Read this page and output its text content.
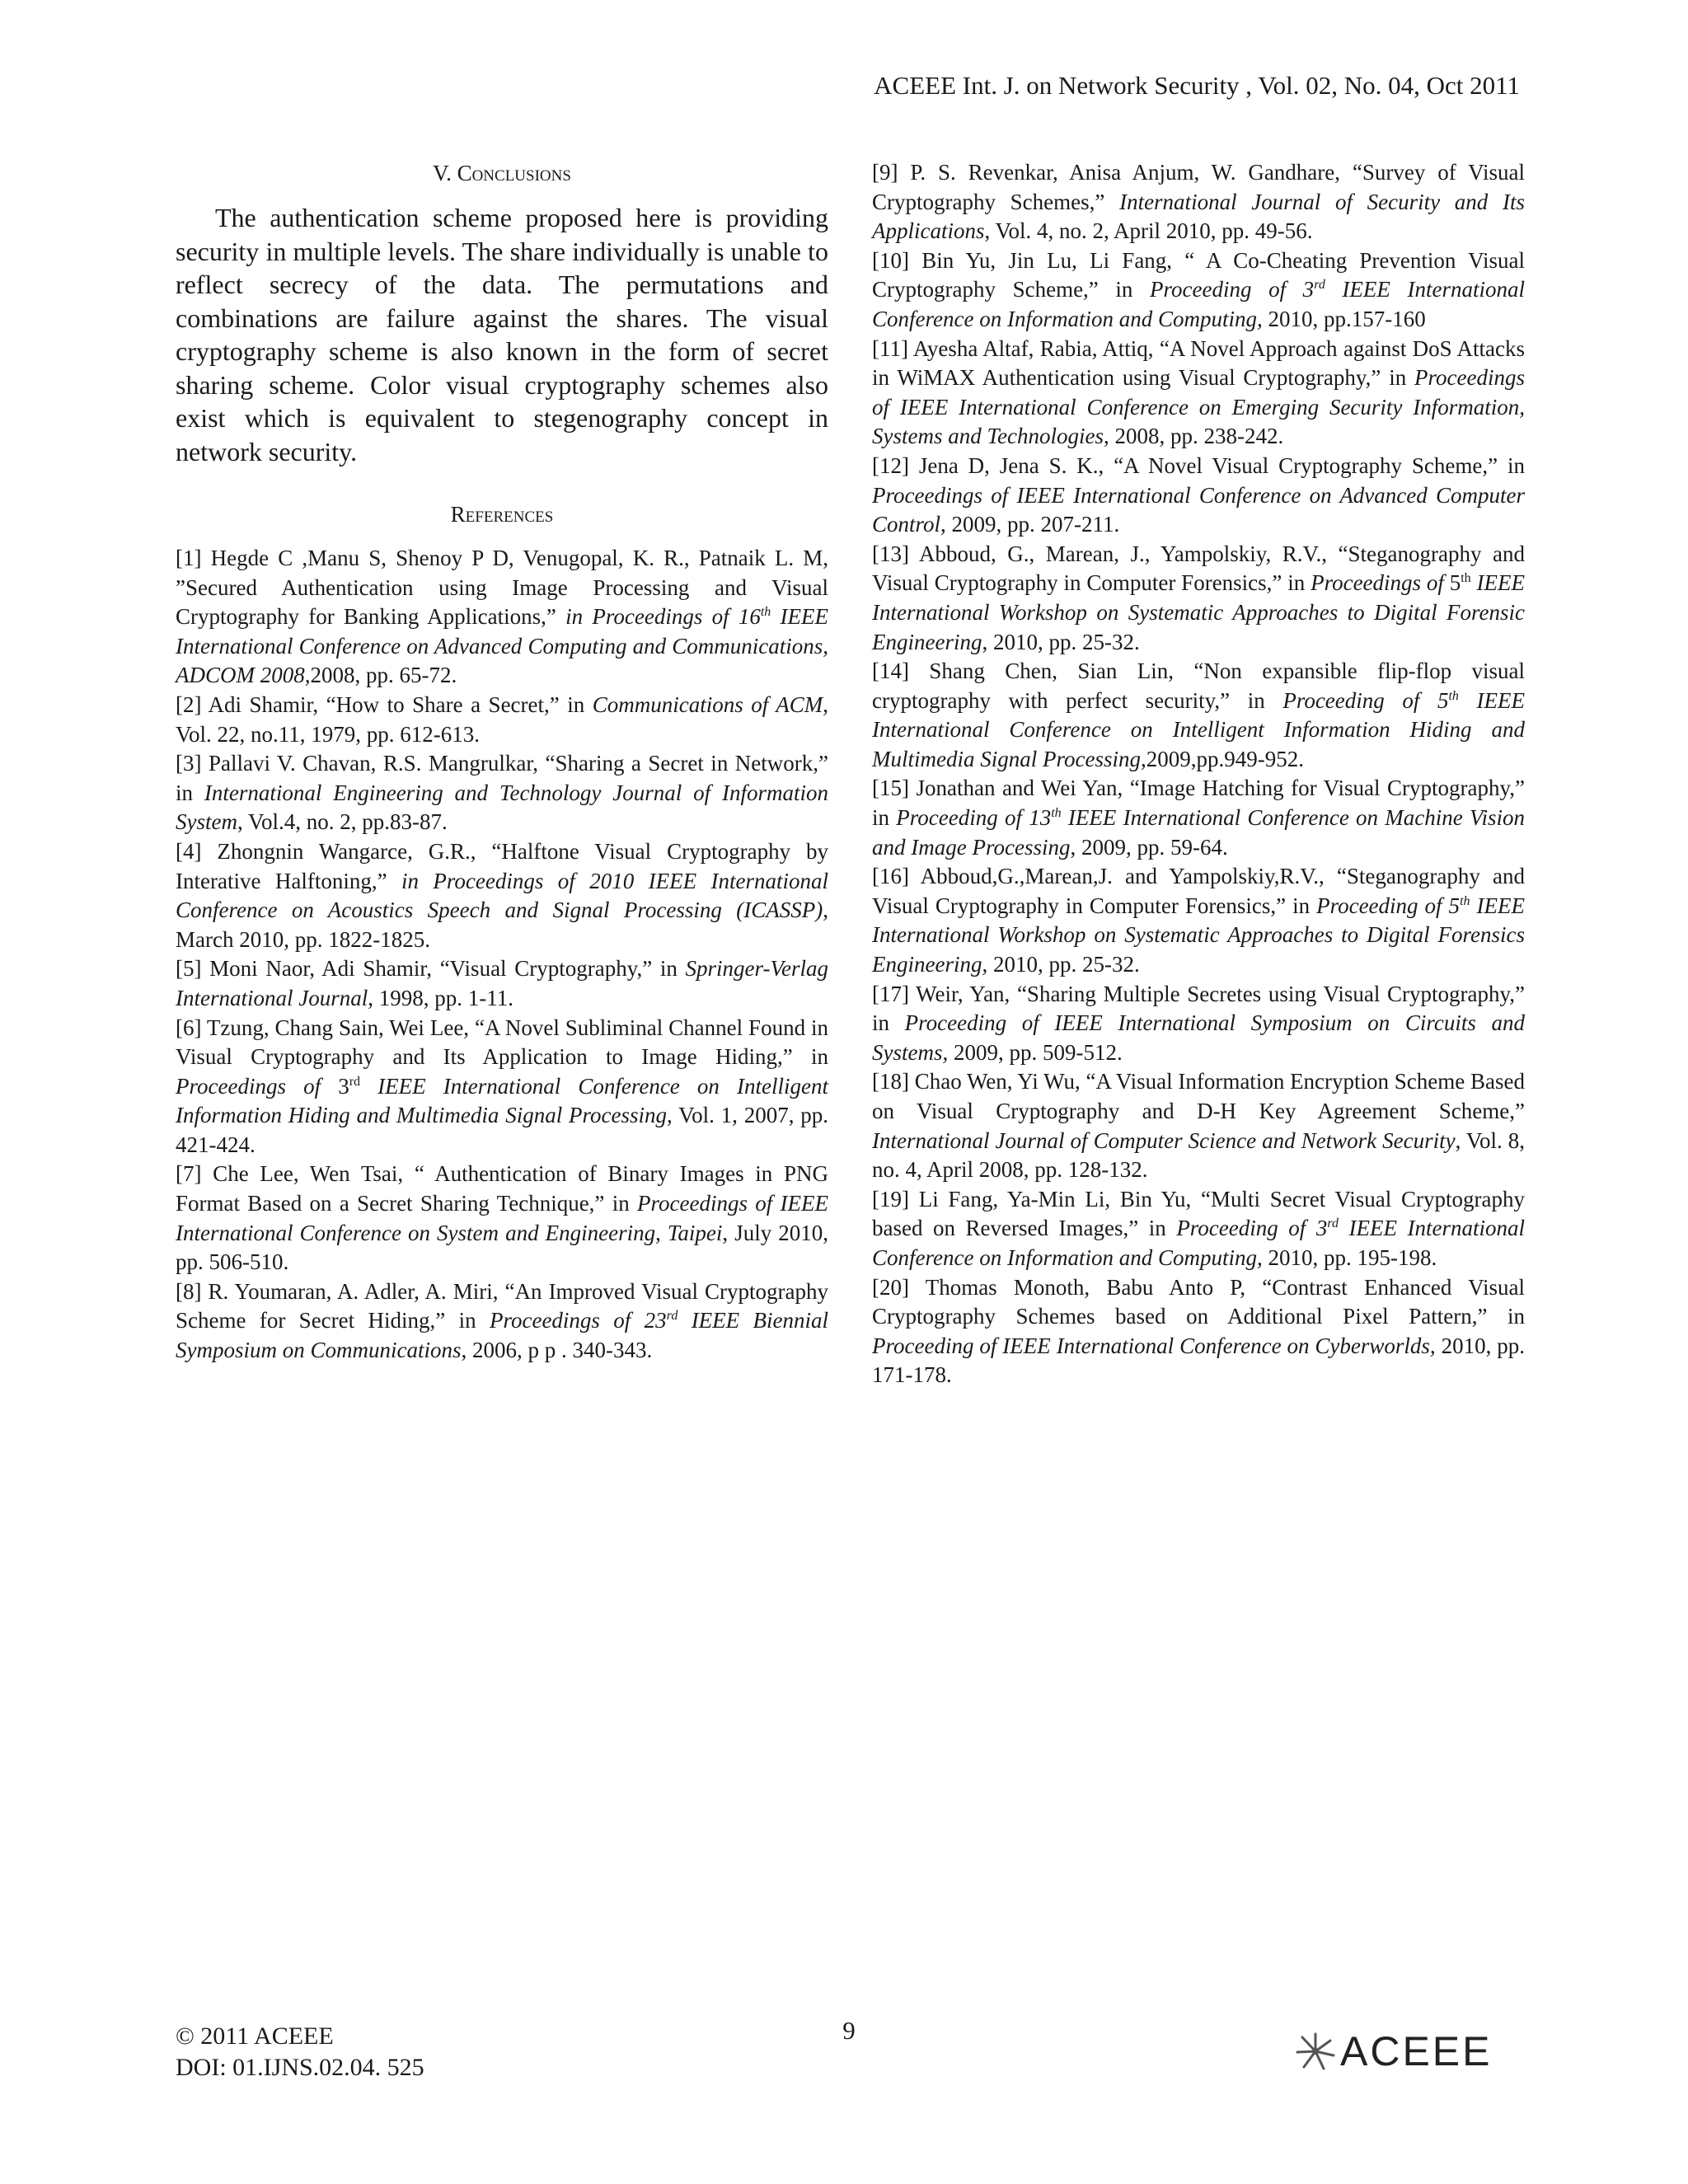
ACEEE Int. J. on Network Security , Vol. 02, No. 04, Oct 2011
V. Conclusions

The authentication scheme proposed here is providing security in multiple levels. The share individually is unable to reflect secrecy of the data. The permutations and combinations are failure against the shares. The visual cryptography scheme is also known in the form of secret sharing scheme. Color visual cryptography schemes also exist which is equivalent to stegenography concept in network security.

References

[1] Hegde C ,Manu S, Shenoy P D, Venugopal, K. R., Patnaik L. M, ”Secured Authentication using Image Processing and Visual Cryptography for Banking Applications,” in Proceedings of 16th IEEE International Conference on Advanced Computing and Communications, ADCOM 2008,2008, pp. 65-72.

[2] Adi Shamir, “How to Share a Secret,” in Communications of ACM, Vol. 22, no.11, 1979, pp. 612-613.

[3] Pallavi V. Chavan, R.S. Mangrulkar, “Sharing a Secret in Network,” in International Engineering and Technology Journal of Information System, Vol.4, no. 2, pp.83-87.

[4] Zhongnin Wangarce, G.R., “Halftone Visual Cryptography by Interative Halftoning,” in Proceedings of 2010 IEEE International Conference on Acoustics Speech and Signal Processing (ICASSP), March 2010, pp. 1822-1825.

[5] Moni Naor, Adi Shamir, “Visual Cryptography,” in Springer-Verlag International Journal, 1998, pp. 1-11.

[6] Tzung, Chang Sain, Wei Lee, “A Novel Subliminal Channel Found in Visual Cryptography and Its Application to Image Hiding,” in Proceedings of 3rd IEEE International Conference on Intelligent Information Hiding and Multimedia Signal Processing, Vol. 1, 2007, pp. 421-424.

[7] Che Lee, Wen Tsai, “ Authentication of Binary Images in PNG Format Based on a Secret Sharing Technique,” in Proceedings of IEEE International Conference on System and Engineering, Taipei, July 2010, pp. 506-510.

[8] R. Youmaran, A. Adler, A. Miri, “An Improved Visual Cryptography Scheme for Secret Hiding,” in Proceedings of 23rd IEEE Biennial Symposium on Communications, 2006, p p . 340-343.

[9] P. S. Revenkar, Anisa Anjum, W. Gandhare, “Survey of Visual Cryptography Schemes,” International Journal of Security and Its Applications, Vol. 4, no. 2, April 2010, pp. 49-56.

[10] Bin Yu, Jin Lu, Li Fang, “ A Co-Cheating Prevention Visual Cryptography Scheme,” in Proceeding of 3rd IEEE International Conference on Information and Computing, 2010, pp.157-160

[11] Ayesha Altaf, Rabia, Attiq, “A Novel Approach against DoS Attacks in WiMAX Authentication using Visual Cryptography,” in Proceedings of IEEE International Conference on Emerging Security Information, Systems and Technologies, 2008, pp. 238-242.

[12] Jena D, Jena S. K., “A Novel Visual Cryptography Scheme,” in Proceedings of IEEE International Conference on Advanced Computer Control, 2009, pp. 207-211.

[13] Abboud, G., Marean, J., Yampolskiy, R.V., “Steganography and Visual Cryptography in Computer Forensics,” in Proceedings of 5th IEEE International Workshop on Systematic Approaches to Digital Forensic Engineering, 2010, pp. 25-32.

[14] Shang Chen, Sian Lin, “Non expansible flip-flop visual cryptography with perfect security,” in Proceeding of 5th IEEE International Conference on Intelligent Information Hiding and Multimedia Signal Processing,2009,pp.949-952.

[15] Jonathan and Wei Yan, “Image Hatching for Visual Cryptography,” in Proceeding of 13th IEEE International Conference on Machine Vision and Image Processing, 2009, pp. 59-64.

[16] Abboud,G.,Marean,J. and Yampolskiy,R.V., “Steganography and Visual Cryptography in Computer Forensics,” in Proceeding of 5th IEEE International Workshop on Systematic Approaches to Digital Forensics Engineering, 2010, pp. 25-32.

[17] Weir, Yan, “Sharing Multiple Secretes using Visual Cryptography,” in Proceeding of IEEE International Symposium on Circuits and Systems, 2009, pp. 509-512.

[18] Chao Wen, Yi Wu, “A Visual Information Encryption Scheme Based on Visual Cryptography and D-H Key Agreement Scheme,” International Journal of Computer Science and Network Security, Vol. 8, no. 4, April 2008, pp. 128-132.

[19] Li Fang, Ya-Min Li, Bin Yu, “Multi Secret Visual Cryptography based on Reversed Images,” in Proceeding of 3rd IEEE International Conference on Information and Computing, 2010, pp. 195-198.

[20] Thomas Monoth, Babu Anto P, “Contrast Enhanced Visual Cryptography Schemes based on Additional Pixel Pattern,” in Proceeding of IEEE International Conference on Cyberworlds, 2010, pp. 171-178.

© 2011 ACEEE
DOI: 01.IJNS.02.04. 525
9	ACEEE
